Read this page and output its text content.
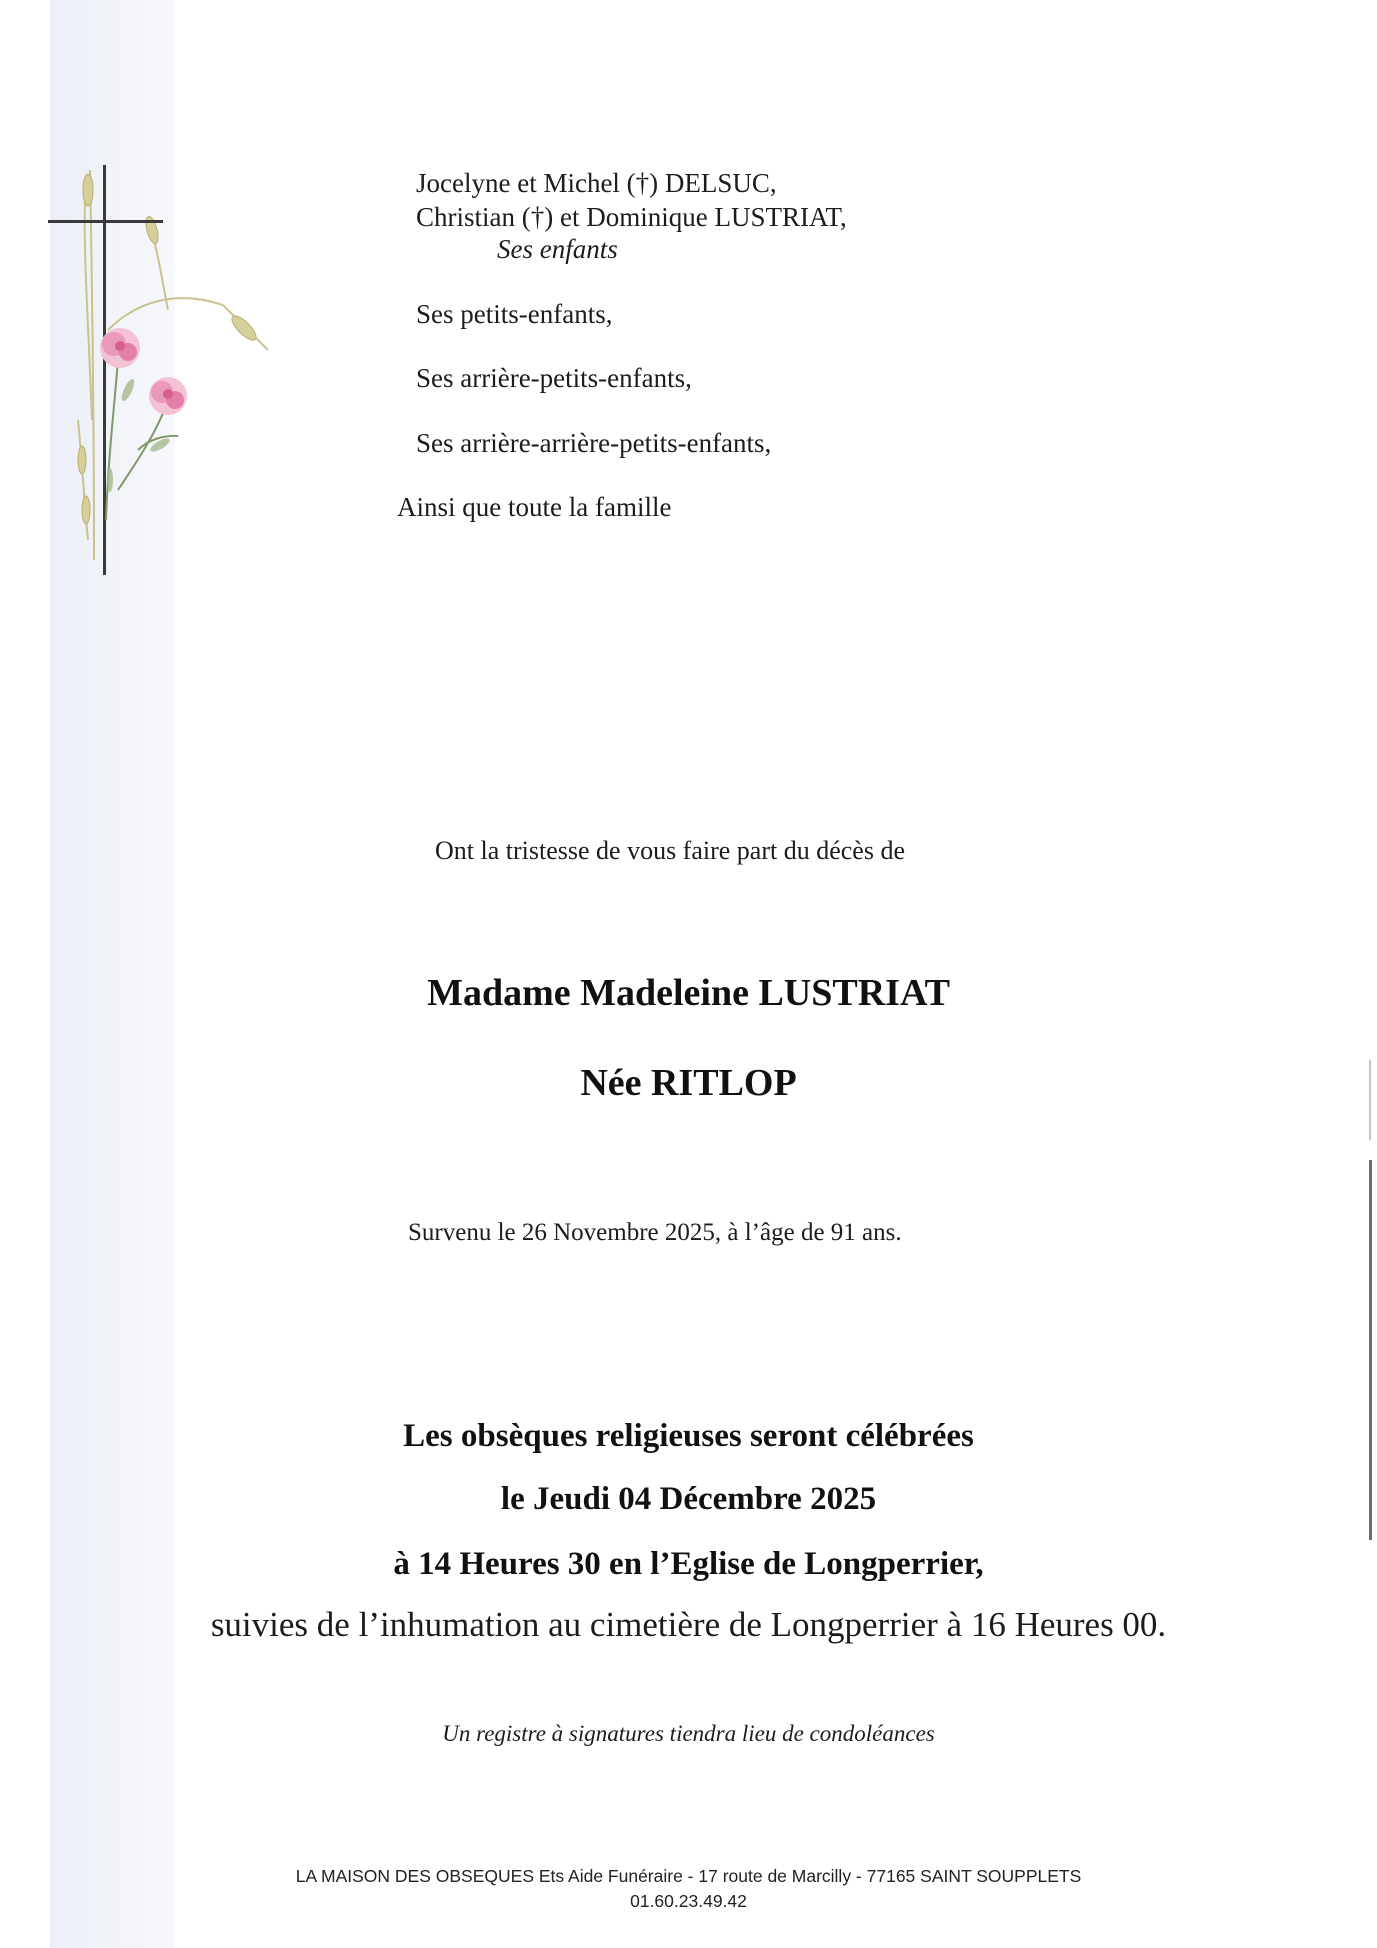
Jocelyne et Michel (†) DELSUC,

Christian (†) et Dominique LUSTRIAT,

Ses enfants

Ses petits-enfants,

Ses arrière-petits-enfants,

Ses arrière-arrière-petits-enfants,

Ainsi que toute la famille

Ont la tristesse de vous faire part du décès de

Madame Madeleine LUSTRIAT

Née RITLOP

Survenu le 26 Novembre 2025, à l’âge de 91 ans.

Les obsèques religieuses seront célébrées

le Jeudi 04 Décembre 2025

à 14 Heures 30 en l’Eglise de Longperrier,

suivies de l’inhumation au cimetière de Longperrier à 16 Heures 00.

Un registre à signatures tiendra lieu de condoléances

LA MAISON DES OBSEQUES Ets Aide Funéraire - 17 route de Marcilly - 77165 SAINT SOUPPLETS

01.60.23.49.42
